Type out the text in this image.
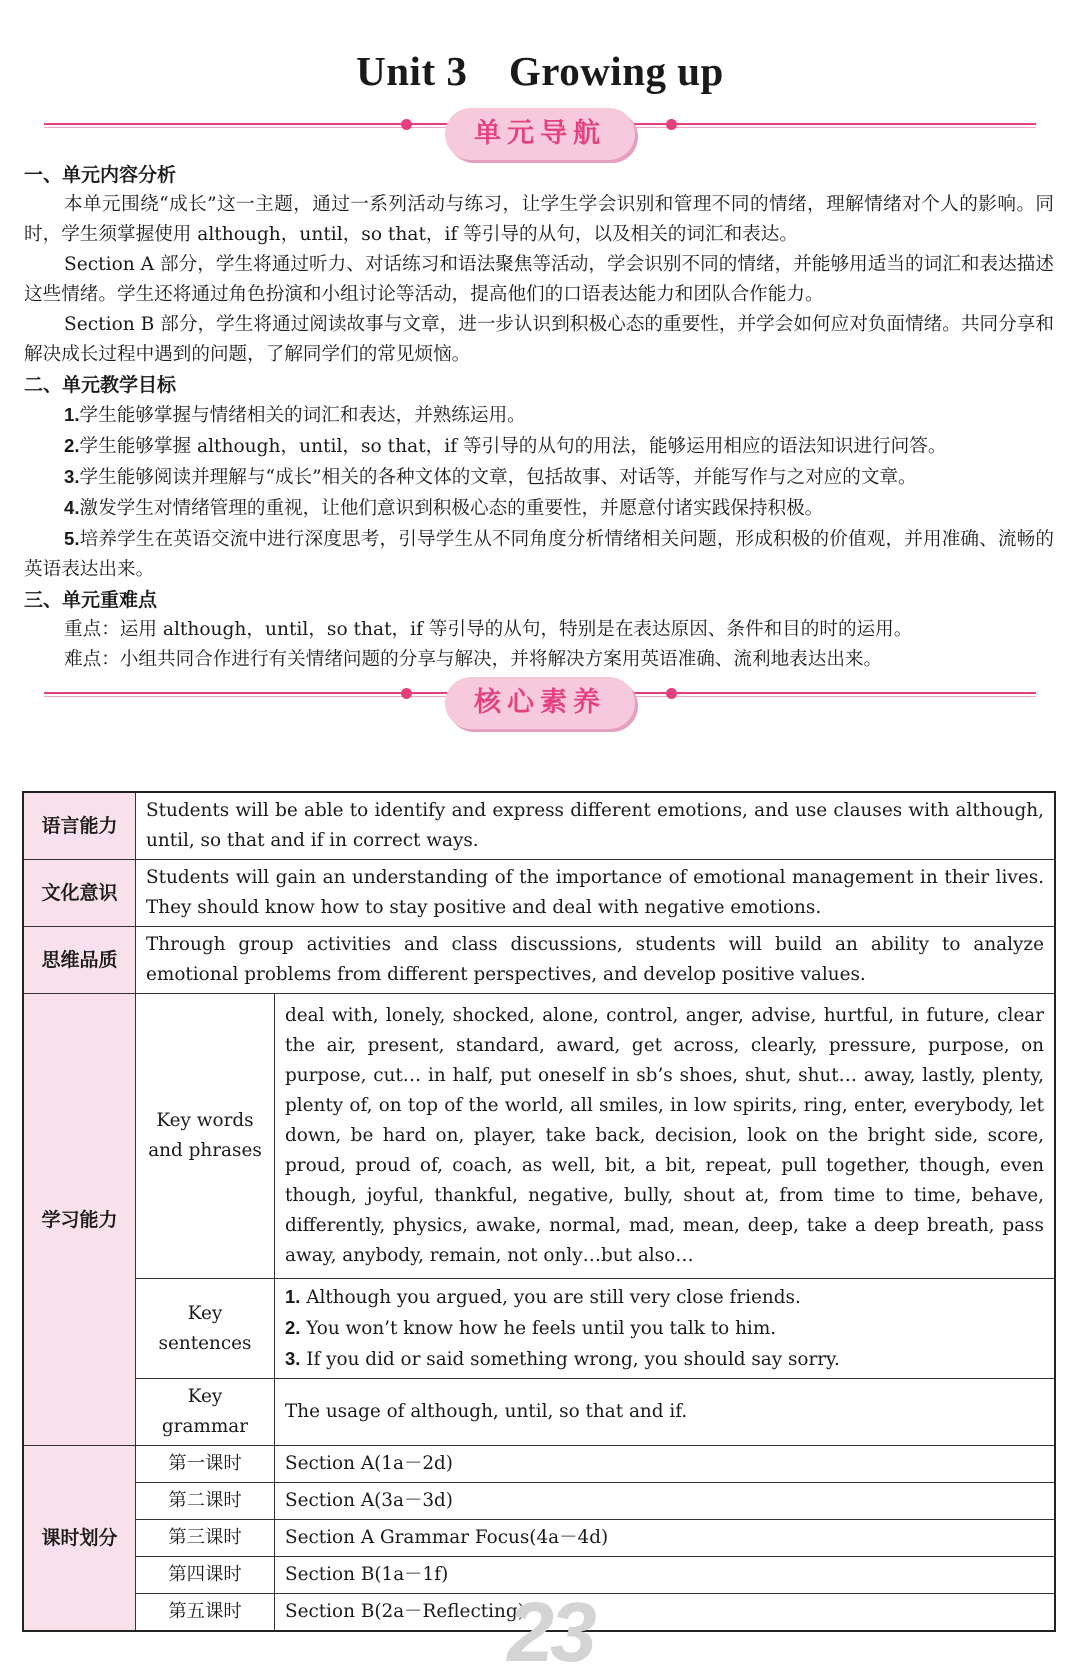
Unit 3　Growing up
单元导航
一、单元内容分析
本单元围绕“成长”这一主题，通过一系列活动与练习，让学生学会识别和管理不同的情绪，理解情绪对个人的影响。同时，学生须掌握使用 although，until，so that，if 等引导的从句，以及相关的词汇和表达。
Section A 部分，学生将通过听力、对话练习和语法聚焦等活动，学会识别不同的情绪，并能够用适当的词汇和表达描述这些情绪。学生还将通过角色扮演和小组讨论等活动，提高他们的口语表达能力和团队合作能力。
Section B 部分，学生将通过阅读故事与文章，进一步认识到积极心态的重要性，并学会如何应对负面情绪。共同分享和解决成长过程中遇到的问题，了解同学们的常见烦恼。
二、单元教学目标
1.学生能够掌握与情绪相关的词汇和表达，并熟练运用。
2.学生能够掌握 although，until，so that，if 等引导的从句的用法，能够运用相应的语法知识进行问答。
3.学生能够阅读并理解与“成长”相关的各种文体的文章，包括故事、对话等，并能写作与之对应的文章。
4.激发学生对情绪管理的重视，让他们意识到积极心态的重要性，并愿意付诸实践保持积极。
5.培养学生在英语交流中进行深度思考，引导学生从不同角度分析情绪相关问题，形成积极的价值观，并用准确、流畅的英语表达出来。
三、单元重难点
重点：运用 although，until，so that，if 等引导的从句，特别是在表达原因、条件和目的时的运用。
难点：小组共同合作进行有关情绪问题的分享与解决，并将解决方案用英语准确、流利地表达出来。
核心素养
语言能力	Students will be able to identify and express different emotions, and use clauses with although, until, so that and if in correct ways.	
文化意识	Students will gain an understanding of the importance of emotional management in their lives. They should know how to stay positive and deal with negative emotions.	
思维品质	Through group activities and class discussions, students will build an ability to analyze emotional problems from different perspectives, and develop positive values.	
学习能力	Key words and phrases	deal with, lonely, shocked, alone, control, anger, advise, hurtful, in future, clear the air, present, standard, award, get across, clearly, pressure, purpose, on purpose, cut… in half, put oneself in sb’s shoes, shut, shut… away, lastly, plenty, plenty of, on top of the world, all smiles, in low spirits, ring, enter, everybody, let down, be hard on, player, take back, decision, look on the bright side, score, proud, proud of, coach, as well, bit, a bit, repeat, pull together, though, even though, joyful, thankful, negative, bully, shout at, from time to time, behave, differently, physics, awake, normal, mad, mean, deep, take a deep breath, pass away, anybody, remain, not only…but also…
	Key sentences	1. Although you argued, you are still very close friends.
2. You won’t know how he feels until you talk to him.
3. If you did or said something wrong, you should say sorry.

	Key grammar	The usage of although, until, so that and if.
课时划分	第一课时	Section A(1a－2d)
	第二课时	Section A(3a－3d)
	第三课时	Section A Grammar Focus(4a－4d)
	第四课时	Section B(1a－1f)
	第五课时	Section B(2a－Reflecting)
23
